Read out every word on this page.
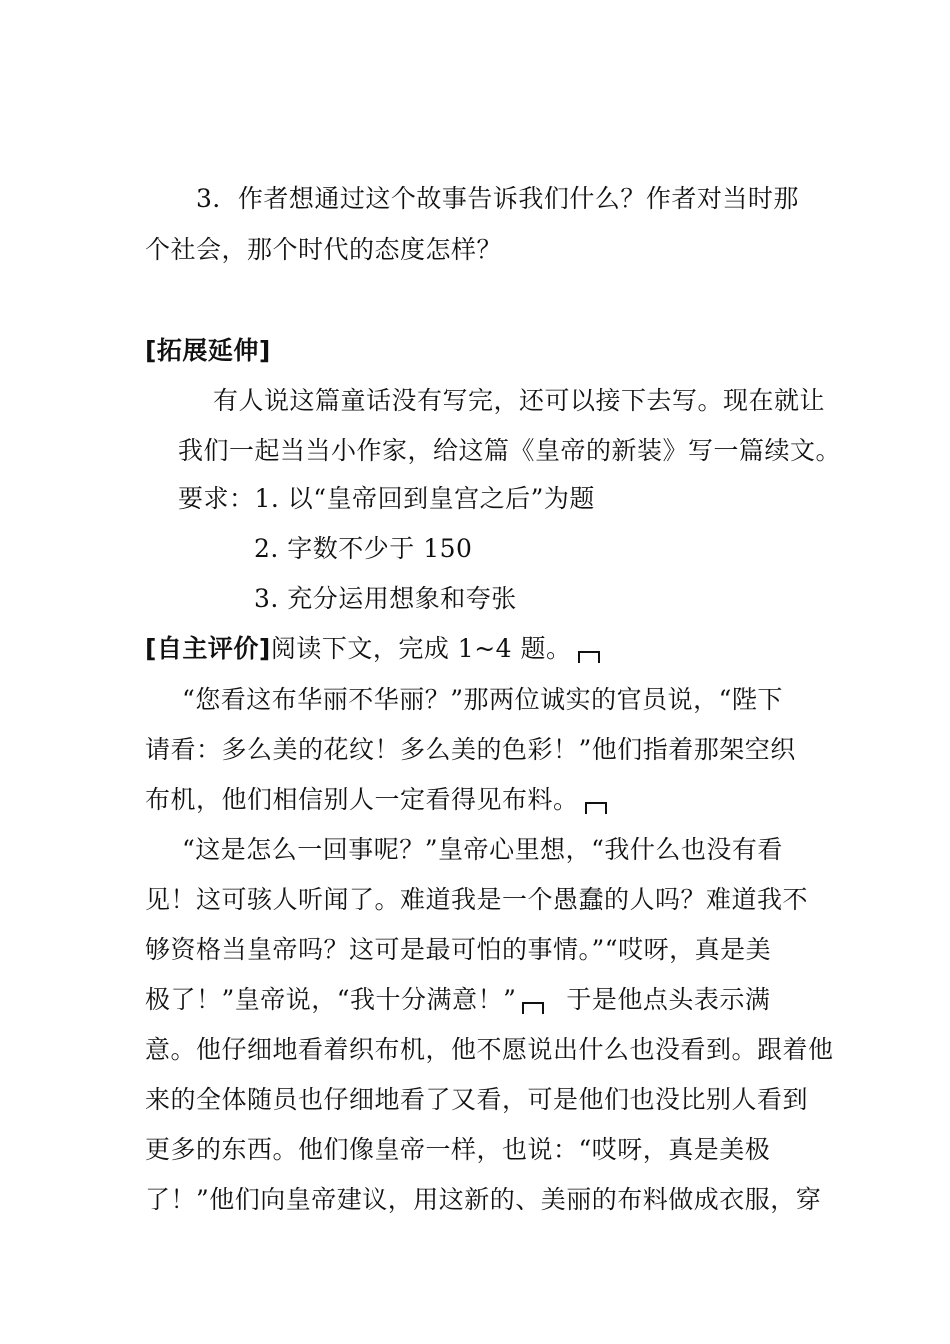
3．作者想通过这个故事告诉我们什么？作者对当时那
个社会，那个时代的态度怎样？
[拓展延伸]
有人说这篇童话没有写完，还可以接下去写。现在就让
我们一起当当小作家，给这篇《皇帝的新装》写一篇续文。
要求：1. 以“皇帝回到皇宫之后”为题
2. 字数不少于 150
3. 充分运用想象和夸张
[自主评价]阅读下文，完成 1~4 题。
“您看这布华丽不华丽？”那两位诚实的官员说，“陛下
请看：多么美的花纹！多么美的色彩！”他们指着那架空织
布机，他们相信别人一定看得见布料。
“这是怎么一回事呢？”皇帝心里想，“我什么也没有看
见！这可骇人听闻了。难道我是一个愚蠢的人吗？难道我不
够资格当皇帝吗？这可是最可怕的事情。”“哎呀，真是美
极了！”皇帝说，“我十分满意！” 于是他点头表示满
意。他仔细地看着织布机，他不愿说出什么也没看到。跟着他
来的全体随员也仔细地看了又看，可是他们也没比别人看到
更多的东西。他们像皇帝一样，也说：“哎呀，真是美极
了！”他们向皇帝建议，用这新的、美丽的布料做成衣服，穿
